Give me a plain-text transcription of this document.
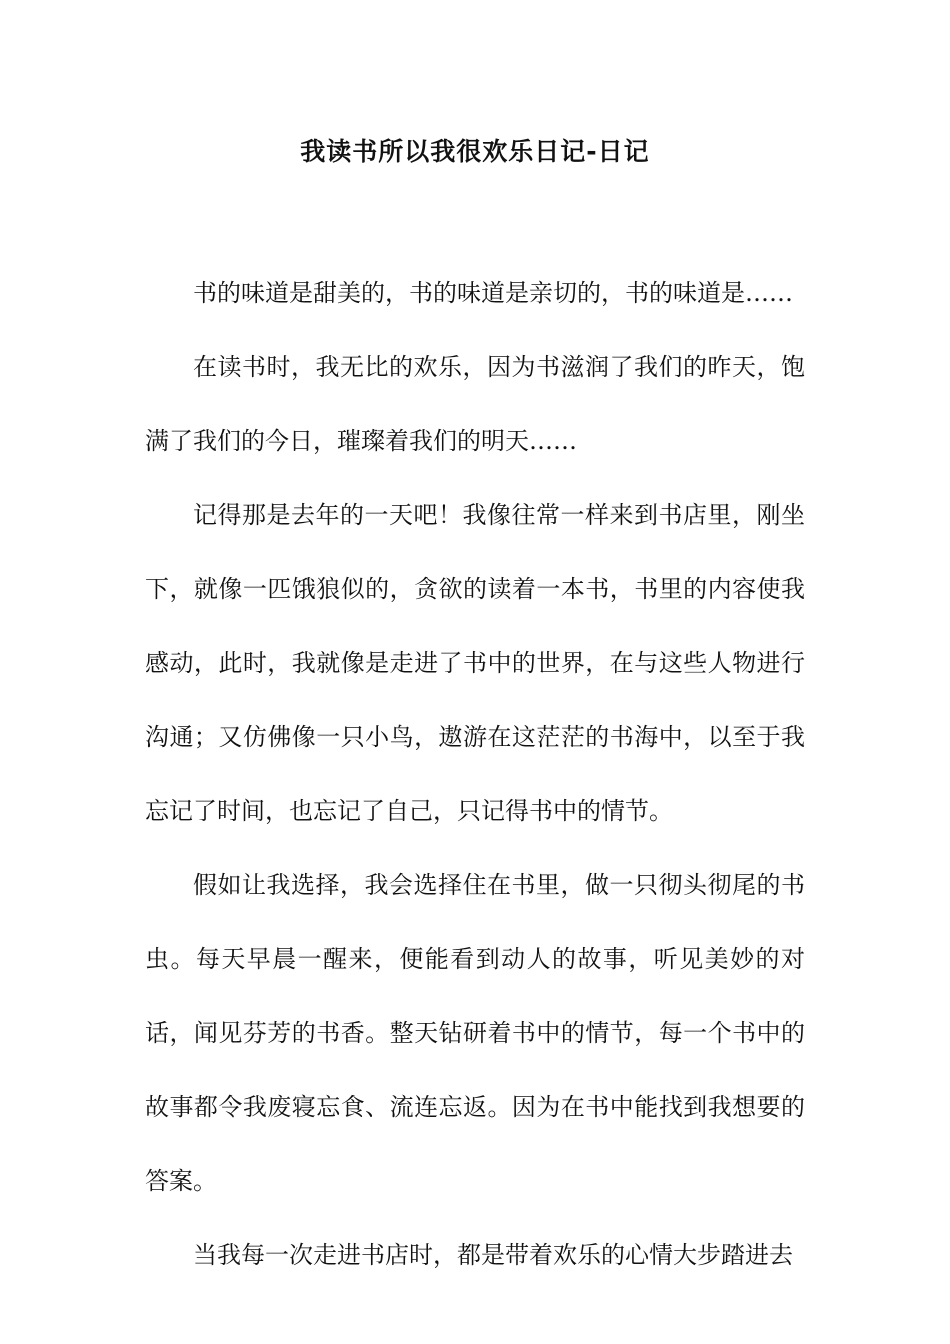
我读书所以我很欢乐日记-日记

书的味道是甜美的，书的味道是亲切的，书的味道是……

在读书时，我无比的欢乐，因为书滋润了我们的昨天，饱满了我们的今日，璀璨着我们的明天……

记得那是去年的一天吧！我像往常一样来到书店里，刚坐下，就像一匹饿狼似的，贪欲的读着一本书，书里的内容使我感动，此时，我就像是走进了书中的世界，在与这些人物进行沟通；又仿佛像一只小鸟，遨游在这茫茫的书海中，以至于我忘记了时间，也忘记了自己，只记得书中的情节。

假如让我选择，我会选择住在书里，做一只彻头彻尾的书虫。每天早晨一醒来，便能看到动人的故事，听见美妙的对话，闻见芬芳的书香。整天钻研着书中的情节，每一个书中的故事都令我废寝忘食、流连忘返。因为在书中能找到我想要的答案。

当我每一次走进书店时，都是带着欢乐的心情大步踏进去
